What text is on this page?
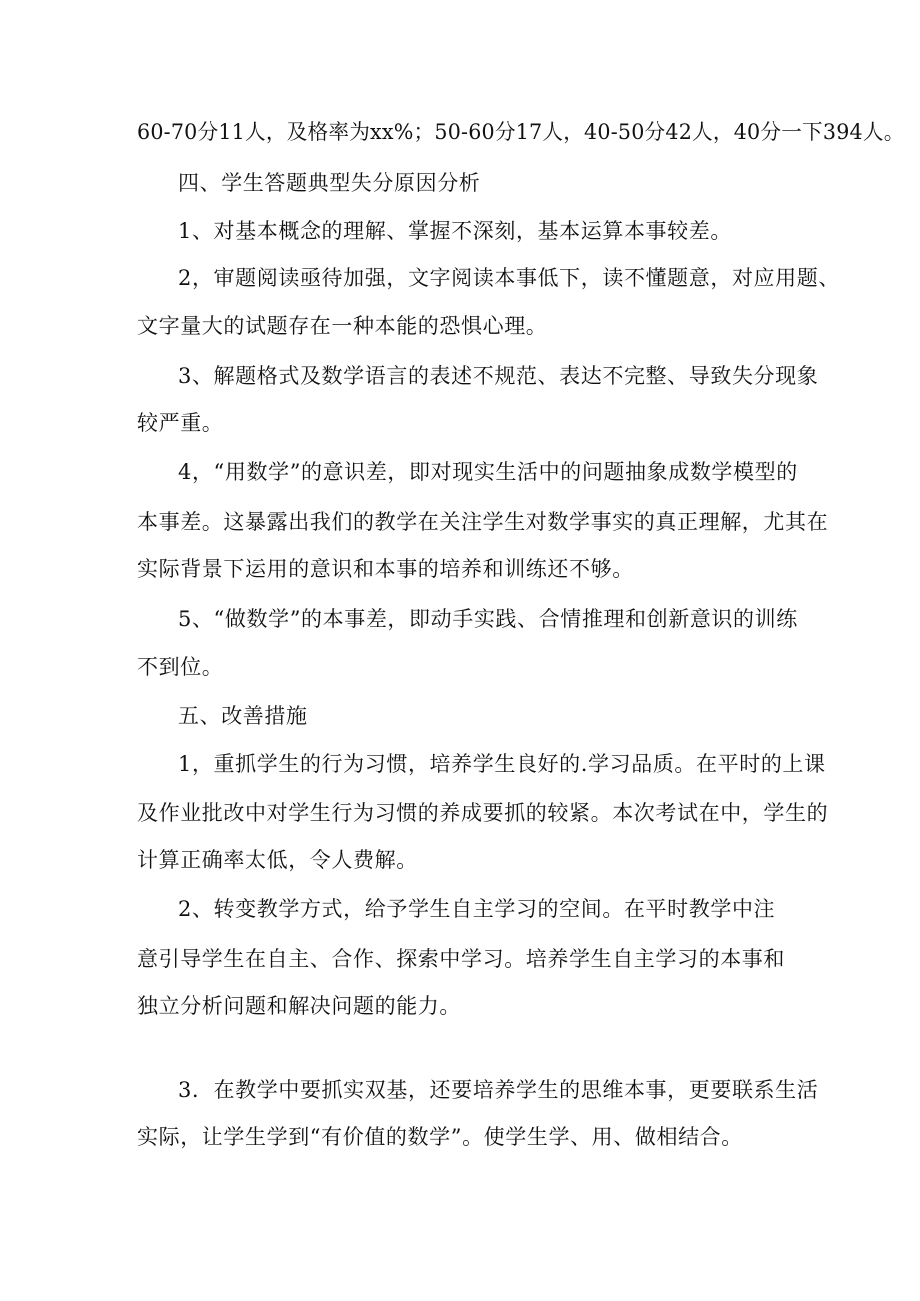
60-70分11人，及格率为xx%；50-60分17人，40-50分42人，40分一下394人。
四、学生答题典型失分原因分析
1、对基本概念的理解、掌握不深刻，基本运算本事较差。
2，审题阅读亟待加强，文字阅读本事低下，读不懂题意，对应用题、
文字量大的试题存在一种本能的恐惧心理。
3、解题格式及数学语言的表述不规范、表达不完整、导致失分现象
较严重。
4，“用数学”的意识差，即对现实生活中的问题抽象成数学模型的
本事差。这暴露出我们的教学在关注学生对数学事实的真正理解，尤其在
实际背景下运用的意识和本事的培养和训练还不够。
5、“做数学”的本事差，即动手实践、合情推理和创新意识的训练
不到位。
五、改善措施
1，重抓学生的行为习惯，培养学生良好的.学习品质。在平时的上课
及作业批改中对学生行为习惯的养成要抓的较紧。本次考试在中，学生的
计算正确率太低，令人费解。
2、转变教学方式，给予学生自主学习的空间。在平时教学中注
意引导学生在自主、合作、探索中学习。培养学生自主学习的本事和
独立分析问题和解决问题的能力。
3．在教学中要抓实双基，还要培养学生的思维本事，更要联系生活
实际，让学生学到“有价值的数学”。使学生学、用、做相结合。
